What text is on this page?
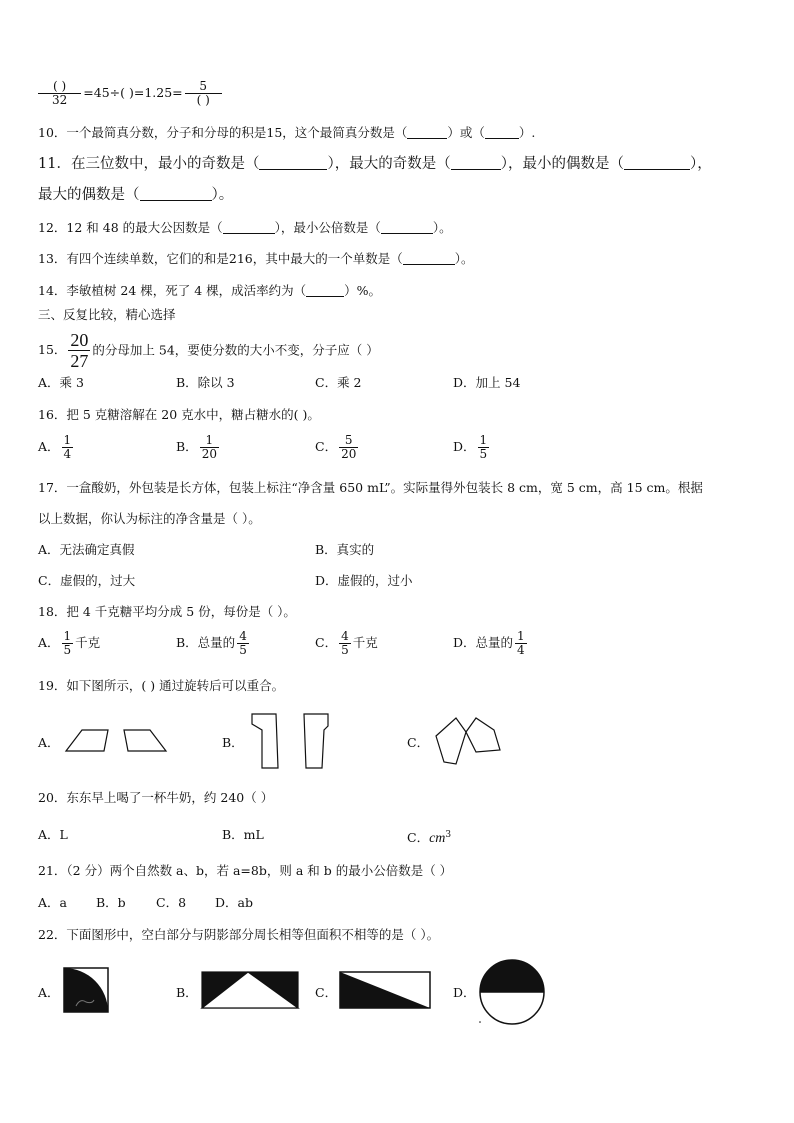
$\frac{( )}{32} =45\div$( )$=1.25= \frac{5}{( )}$
10．一个最简真分数，分子和分母的积是15，这个最简真分数是（	）或（	）.
11．在三位数中，最小的奇数是（	），最大的奇数是（	），最小的偶数是（	），
最大的偶数是（	）。
12．12 和 48 的最大公因数是（	），最小公倍数是（	）。
13．有四个连续单数，它们的和是216，其中最大的一个单数是（	）。
14．李敏植树 24 棵，死了 4 棵，成活率约为（	）%。
三、反复比较，精心选择
15． $\frac{20}{27}$ 的分母加上 54，要使分数的大小不变，分子应（ ）
A．乘 3	B．除以 3	C．乘 2	D．加上 54
16．把 5 克糖溶解在 20 克水中，糖占糖水的( )。
A． $\frac{1}{4}$	B． $\frac{1}{20}$	C． $\frac{5}{20}$	D． $\frac{1}{5}$
17．一盒酸奶，外包装是长方体，包装上标注“净含量 650 mL”。实际量得外包装长 8 cm，宽 5 cm，高 15 cm。根据
以上数据，你认为标注的净含量是（ ）。
A．无法确定真假	B．真实的
C．虚假的，过大	D．虚假的，过小
18．把 4 千克糖平均分成 5 份，每份是（ ）。
A． $\frac{1}{5}$ 千克	B．总量的 $\frac{4}{5}$	C． $\frac{4}{5}$ 千克	D．总量的 $\frac{1}{4}$
19．如下图所示，( ) 通过旋转后可以重合。
A．	B．	C．
20．东东早上喝了一杯牛奶，约 240（ ）
A．L	B．mL	C．$cm^3$
21．（2 分）两个自然数 a、b，若 a=8b，则 a 和 b 的最小公倍数是（ ）
A．a B．b C．8 D．ab
22．下面图形中，空白部分与阴影部分周长相等但面积不相等的是（ ）。
A．	B．	C．	D．
